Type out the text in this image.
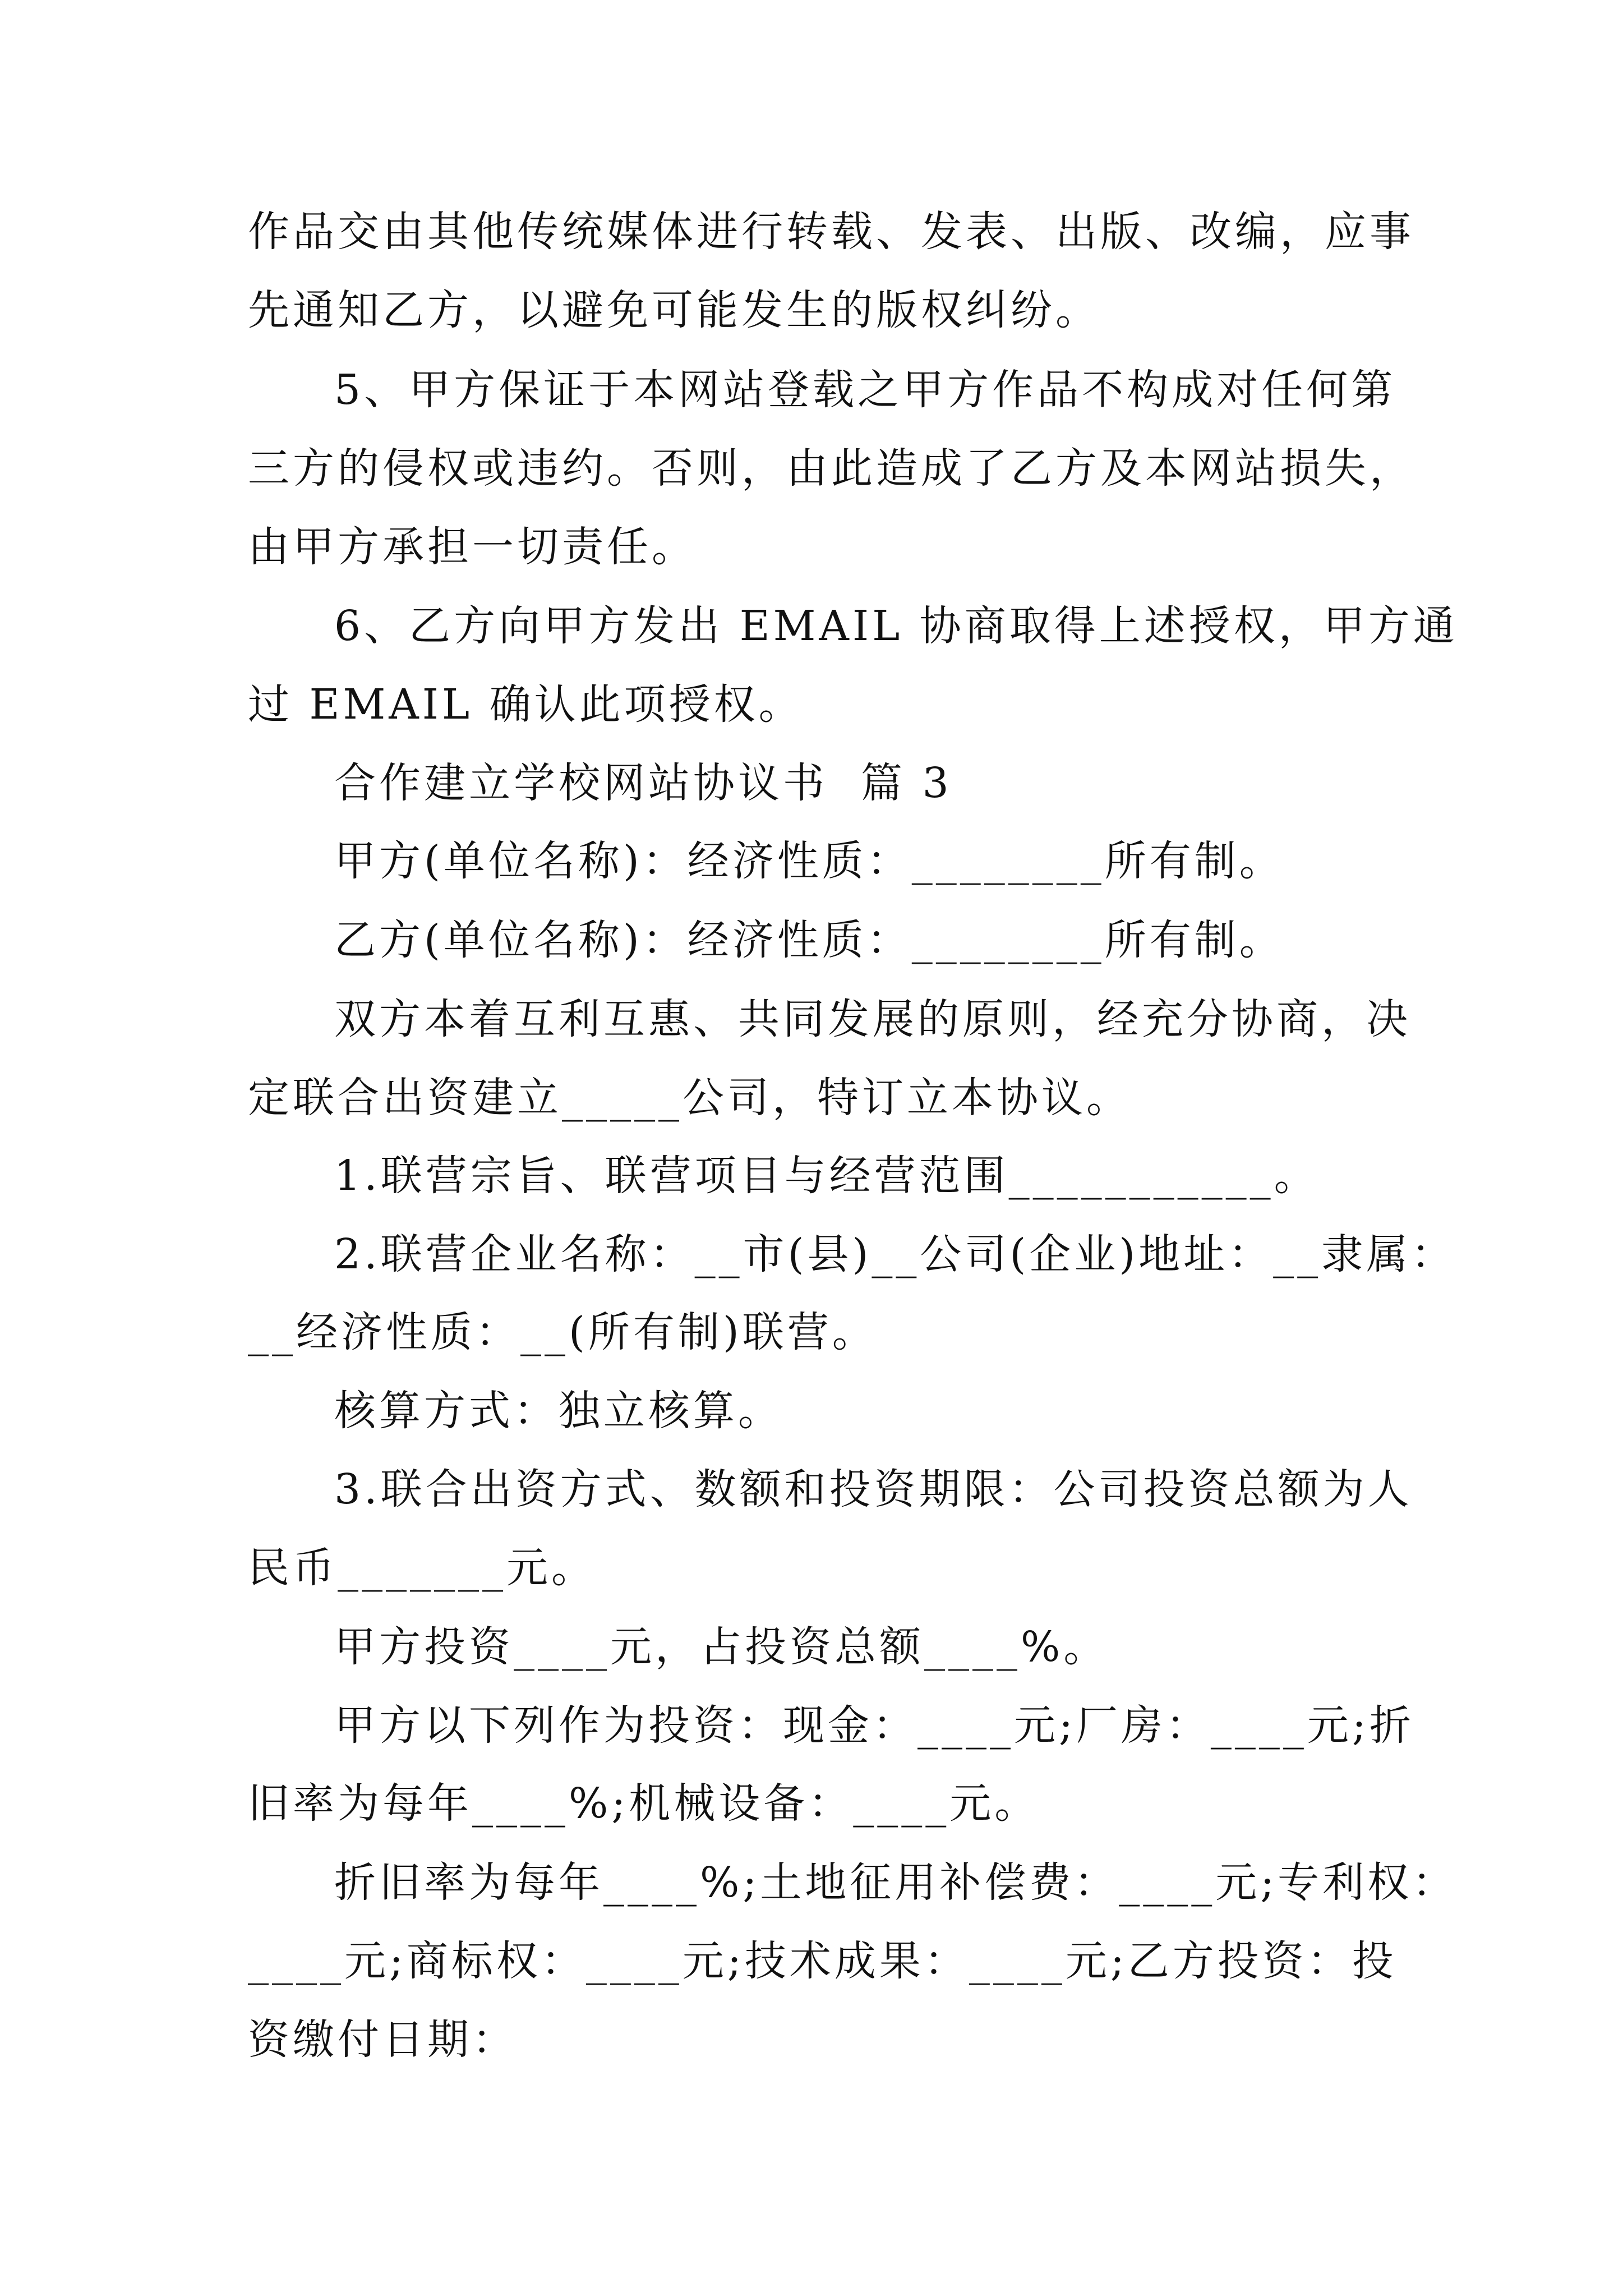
作品交由其他传统媒体进行转载、发表、出版、改编，应事

先通知乙方，以避免可能发生的版权纠纷。

5、甲方保证于本网站登载之甲方作品不构成对任何第

三方的侵权或违约。否则，由此造成了乙方及本网站损失，

由甲方承担一切责任。

6、乙方向甲方发出 EMAIL 协商取得上述授权，甲方通

过 EMAIL 确认此项授权。

合作建立学校网站协议书  篇 3

甲方(单位名称)：经济性质：________所有制。

乙方(单位名称)：经济性质：________所有制。

双方本着互利互惠、共同发展的原则，经充分协商，决

定联合出资建立_____公司，特订立本协议。

1.联营宗旨、联营项目与经营范围___________。

2.联营企业名称：__市(县)__公司(企业)地址：__隶属：

__经济性质：__(所有制)联营。

核算方式：独立核算。

3.联合出资方式、数额和投资期限：公司投资总额为人

民币_______元。

甲方投资____元，占投资总额____%。

甲方以下列作为投资：现金：____元;厂房：____元;折

旧率为每年____%;机械设备：____元。

折旧率为每年____%;土地征用补偿费：____元;专利权：

____元;商标权：____元;技术成果：____元;乙方投资：投

资缴付日期：
